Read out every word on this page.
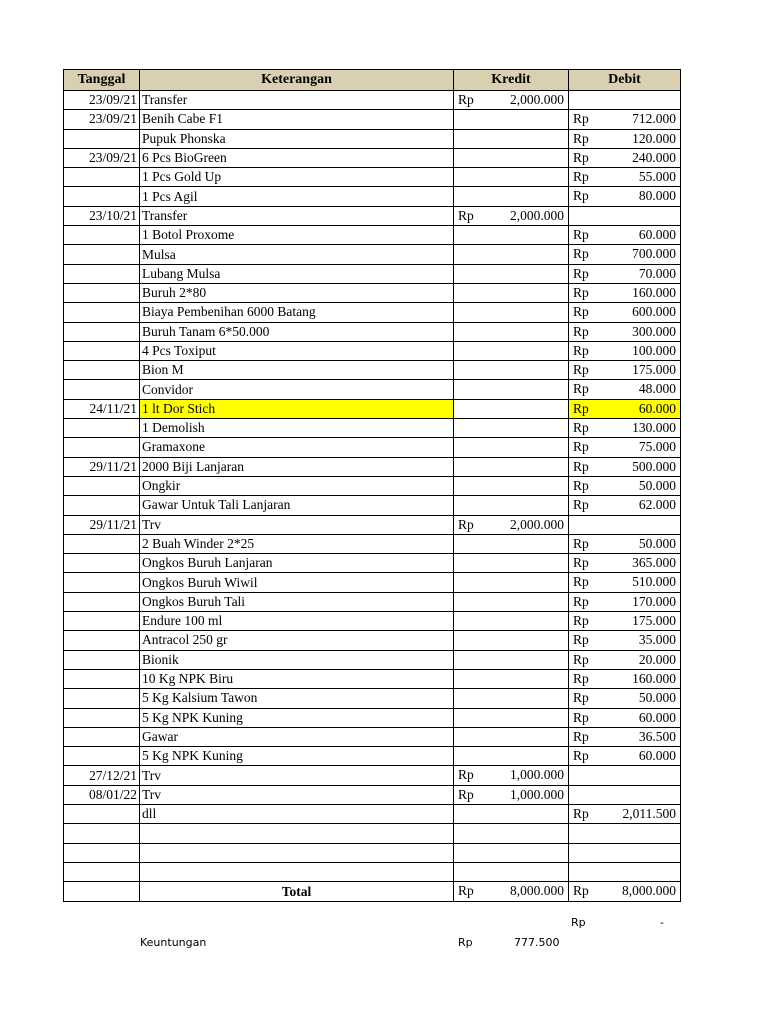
Tanggal	Keterangan	Kredit	Debit
23/09/21	Transfer	Rp 2,000.000	

23/09/21	Benih Cabe F1		Rp 712.000

	Pupuk Phonska		Rp 120.000

23/09/21	6 Pcs BioGreen		Rp 240.000

	1 Pcs Gold Up		Rp 55.000

	1 Pcs Agil		Rp 80.000

23/10/21	Transfer	Rp 2,000.000	

	1 Botol Proxome		Rp 60.000

	Mulsa		Rp 700.000

	Lubang Mulsa		Rp 70.000

	Buruh 2*80		Rp 160.000

	Biaya Pembenihan 6000 Batang		Rp 600.000

	Buruh Tanam 6*50.000		Rp 300.000

	4 Pcs Toxiput		Rp 100.000

	Bion M		Rp 175.000

	Convidor		Rp 48.000

24/11/21	1 lt Dor Stich		Rp 60.000

	1 Demolish		Rp 130.000

	Gramaxone		Rp 75.000

29/11/21	2000 Biji Lanjaran		Rp 500.000

	Ongkir		Rp 50.000

	Gawar Untuk Tali Lanjaran		Rp 62.000

29/11/21	Trv	Rp 2,000.000	

	2 Buah Winder 2*25		Rp 50.000

	Ongkos Buruh Lanjaran		Rp 365.000

	Ongkos Buruh Wiwil		Rp 510.000

	Ongkos Buruh Tali		Rp 170.000

	Endure 100 ml		Rp 175.000

	Antracol 250 gr		Rp 35.000

	Bionik		Rp 20.000

	10 Kg NPK Biru		Rp 160.000

	5 Kg Kalsium Tawon		Rp 50.000

	5 Kg NPK Kuning		Rp 60.000

	Gawar		Rp 36.500

	5 Kg NPK Kuning		Rp 60.000

27/12/21	Trv	Rp 1,000.000	

08/01/22	Trv	Rp 1,000.000	

	dll		Rp 2,011.500

	Total	Rp 8,000.000	Rp 8,000.000
Rp	-
Keuntungan	Rp	777.500
